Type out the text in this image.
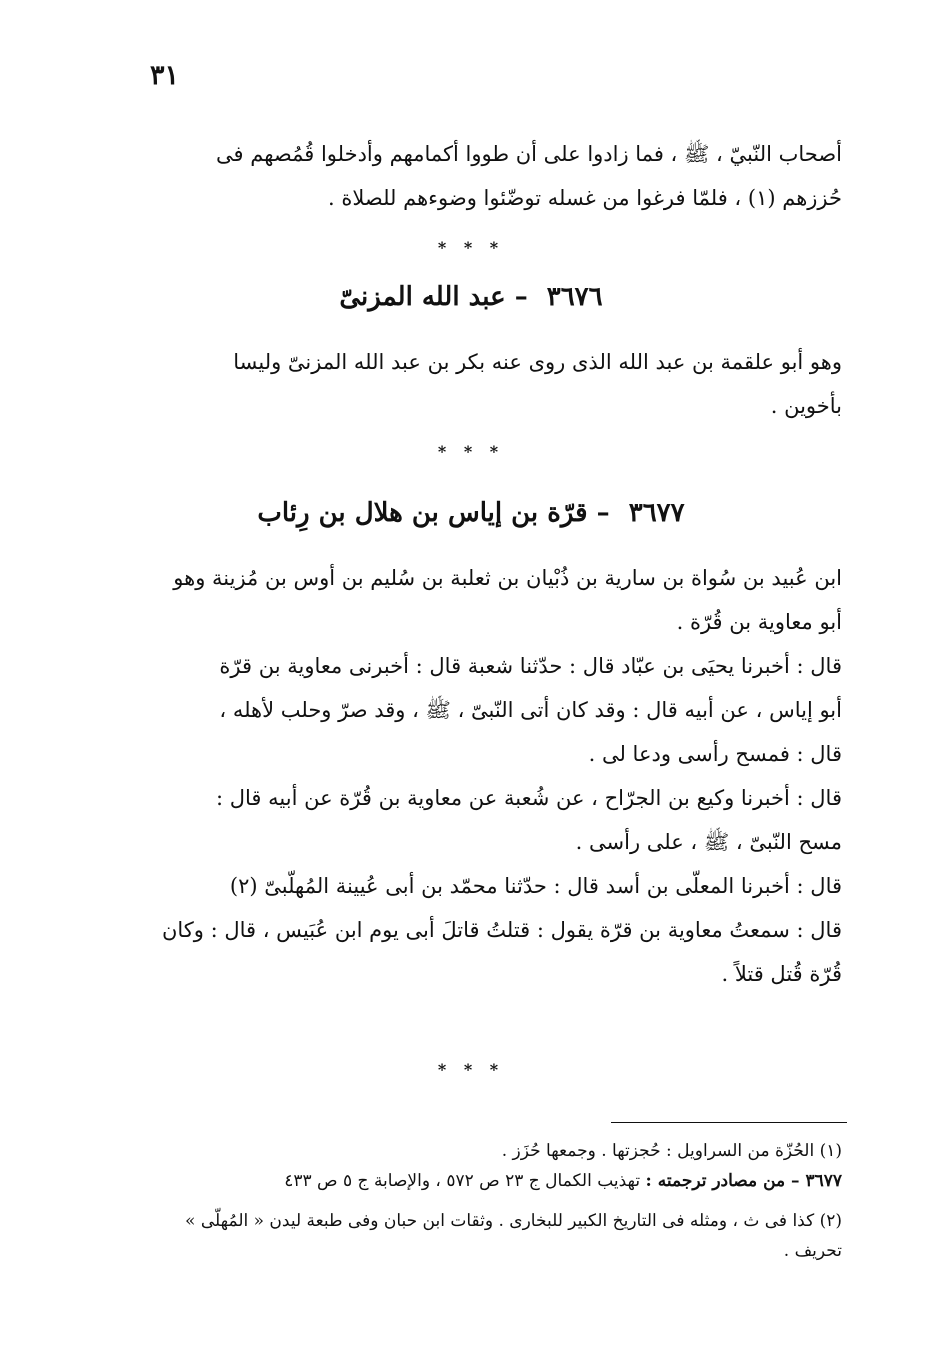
٣١
أصحاب النّبيّ ، ﷺ ، فما زادوا على أن طووا أكمامهم وأدخلوا قُمُصهم فى
حُززهم (١) ، فلمّا فرغوا من غسله توضّئوا وضوءهم للصلاة .
* * *
٣٦٧٦ – عبد الله المزنىّ
وهو أبو علقمة بن عبد الله الذى روى عنه بكر بن عبد الله المزنىّ وليسا
بأخوين .
* * *
٣٦٧٧ – قرّة بن إياس بن هلال بن رِئاب
ابن عُبيد بن سُواة بن سارية بن ذُبْيان بن ثعلبة بن سُليم بن أوس بن مُزينة وهو
أبو معاوية بن قُرّة .
قال : أخبرنا يحيَى بن عبّاد قال : حدّثنا شعبة قال : أخبرنى معاوية بن قرّة
أبو إياس ، عن أبيه قال : وقد كان أتى النّبىّ ، ﷺ ، وقد صرّ وحلب لأهله ،
قال : فمسح رأسى ودعا لى .
قال : أخبرنا وكيع بن الجرّاح ، عن شُعبة عن معاوية بن قُرّة عن أبيه قال :
مسح النّبىّ ، ﷺ ، على رأسى .
قال : أخبرنا المعلّى بن أسد قال : حدّثنا محمّد بن أبى عُيينة المُهلّبىّ (٢)
قال : سمعتُ معاوية بن قرّة يقول : قتلتُ قاتلَ أبى يوم ابن عُبَيس ، قال : وكان
قُرّة قُتل قتلاً .
* * *
(١) الحُزّة من السراويل : حُجزتها . وجمعها حُزَز .
٣٦٧٧ – من مصادر ترجمته : تهذيب الكمال ج ٢٣ ص ٥٧٢ ، والإصابة ج ٥ ص ٤٣٣
(٢) كذا فى ث ، ومثله فى التاريخ الكبير للبخارى . وثقات ابن حبان وفى طبعة ليدن « المُهلّى »
تحريف .
